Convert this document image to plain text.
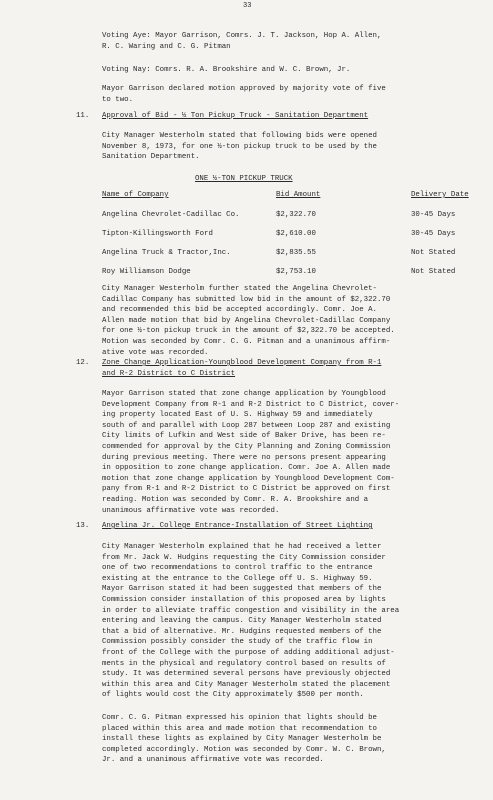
33
Voting Aye: Mayor Garrison, Comrs. J. T. Jackson, Hop A. Allen,
R. C. Waring and C. G. Pitman
Voting Nay: Comrs. R. A. Brookshire and W. C. Brown, Jr.
Mayor Garrison declared motion approved by majority vote of five
to two.
11. Approval of Bid - ½ Ton Pickup Truck - Sanitation Department
City Manager Westerholm stated that following bids were opened
November 8, 1973, for one ½-ton pickup truck to be used by the
Sanitation Department.
ONE ½-TON PICKUP TRUCK
Name of Company	Bid Amount	Delivery Date
Angelina Chevrolet-Cadillac Co.	$2,322.70	30-45 Days
Tipton-Killingsworth Ford	$2,610.00	30-45 Days
Angelina Truck & Tractor,Inc.	$2,835.55	Not Stated
Roy Williamson Dodge	$2,753.10	Not Stated
City Manager Westerholm further stated the Angelina Chevrolet-
Cadillac Company has submitted low bid in the amount of $2,322.70
and recommended this bid be accepted accordingly. Comr. Joe A.
Allen made motion that bid by Angelina Chevrolet-Cadillac Company
for one ½-ton pickup truck in the amount of $2,322.70 be accepted.
Motion was seconded by Comr. C. G. Pitman and a unanimous affirm-
ative vote was recorded.
12. Zone Change Application-Youngblood Development Company from R-1
and R-2 District to C District
Mayor Garrison stated that zone change application by Youngblood
Development Company from R-1 and R-2 District to C District, cover-
ing property located East of U. S. Highway 59 and immediately
south of and parallel with Loop 287 between Loop 287 and existing
City limits of Lufkin and West side of Baker Drive, has been re-
commended for approval by the City Planning and Zoning Commission
during previous meeting. There were no persons present appearing
in opposition to zone change application. Comr. Joe A. Allen made
motion that zone change application by Youngblood Development Com-
pany from R-1 and R-2 District to C District be approved on first
reading. Motion was seconded by Comr. R. A. Brookshire and a
unanimous affirmative vote was recorded.
13. Angelina Jr. College Entrance-Installation of Street Lighting
City Manager Westerholm explained that he had received a letter
from Mr. Jack W. Hudgins requesting the City Commission consider
one of two recommendations to control traffic to the entrance
existing at the entrance to the College off U. S. Highway 59.
Mayor Garrison stated it had been suggested that members of the
Commission consider installation of this proposed area by lights
in order to alleviate traffic congestion and visibility in the area
entering and leaving the campus. City Manager Westerholm stated
that a bid of alternative. Mr. Hudgins requested members of the
Commission possibly consider the study of the traffic flow in
front of the College with the purpose of adding additional adjust-
ments in the physical and regulatory control based on results of
study. It was determined several persons have previously objected
within this area and City Manager Westerholm stated the placement
of lights would cost the City approximately $500 per month.
Comr. C. G. Pitman expressed his opinion that lights should be
placed within this area and made motion that recommendation to
install these lights as explained by City Manager Westerholm be
completed accordingly. Motion was seconded by Comr. W. C. Brown,
Jr. and a unanimous affirmative vote was recorded.
